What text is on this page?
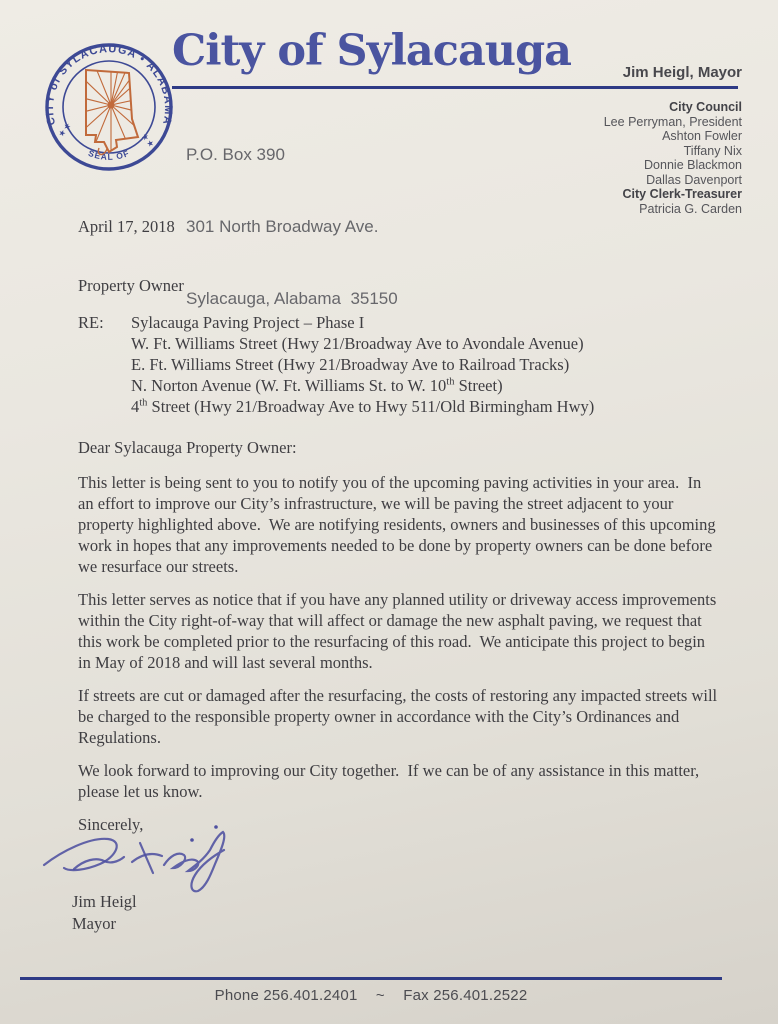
CITY of SYLACAUGA • ALABAMA
SEAL OF
★ ★
★ ★
City of Sylacauga

P.O. Box 390

301 North Broadway Ave.

Sylacauga, Alabama  35150

Jim Heigl, Mayor
City Council
Lee Perryman, President
Ashton Fowler
Tiffany Nix
Donnie Blackmon
Dallas Davenport
City Clerk-Treasurer
Patricia G. Carden
April 17, 2018
Property Owner
RE:	Sylacauga Paving Project – Phase I
W. Ft. Williams Street (Hwy 21/Broadway Ave to Avondale Avenue)
E. Ft. Williams Street (Hwy 21/Broadway Ave to Railroad Tracks)
N. Norton Avenue (W. Ft. Williams St. to W. 10th Street)
4th Street (Hwy 21/Broadway Ave to Hwy 511/Old Birmingham Hwy)
Dear Sylacauga Property Owner:

This letter is being sent to you to notify you of the upcoming paving activities in your area.  In an effort to improve our City’s infrastructure, we will be paving the street adjacent to your property highlighted above.  We are notifying residents, owners and businesses of this upcoming work in hopes that any improvements needed to be done by property owners can be done before we resurface our streets.

This letter serves as notice that if you have any planned utility or driveway access improvements within the City right-of-way that will affect or damage the new asphalt paving, we request that this work be completed prior to the resurfacing of this road.  We anticipate this project to begin in May of 2018 and will last several months.

If streets are cut or damaged after the resurfacing, the costs of restoring any impacted streets will be charged to the responsible property owner in accordance with the City’s Ordinances and Regulations.

We look forward to improving our City together.  If we can be of any assistance in this matter, please let us know.

Sincerely,
Jim Heigl
Mayor
Phone 256.401.2401 ~ Fax 256.401.2522
